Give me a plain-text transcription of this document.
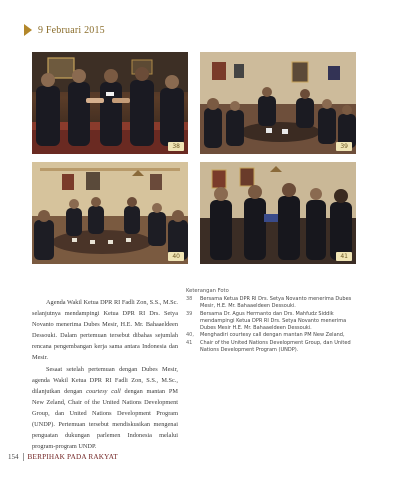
9 Februari 2015
38	39
40	41
Keterangan Foto
38	Bersama Ketua DPR RI Drs. Setya Novanto menerima Dubes Mesir, H.E. Mr. Bahaaeldeen Dessouki.
39	Bersama Dr. Agus Hermanto dan Drs. Mahfudz Siddik mendampingi Ketua DPR RI Drs. Setya Novanto menerima Dubes Mesir H.E. Mr. Bahaaeldeen Dessouki.
40, 41
Menghadiri courtesy call dengan mantan PM New Zeland, Chair of the United Nations Development Group, dan United Nations Development Program (UNDP).

Agenda Wakil Ketua DPR RI Fadli Zon, S.S., M.Sc. selanjutnya mendampingi Ketua DPR RI Drs. Setya Novanto menerima Dubes Mesir, H.E. Mr. Bahaaeldeen Dessouki. Dalam pertemuan tersebut dibahas sejumlah rencana pengembangan kerja sama antara Indonesia dan Mesir.

Sesaat setelah pertemuan dengan Dubes Mesir, agenda Wakil Ketua DPR RI Fadli Zon, S.S., M.Sc., dilanjutkan dengan courtesy call dengan mantan PM New Zeland, Chair of the United Nations Development Group, dan United Nations Development Program (UNDP). Pertemuan tersebut mendiskusikan mengenai penguatan dukungan parlemen Indonesia melalui program-program UNDP.

154 BERPIHAK PADA RAKYAT
